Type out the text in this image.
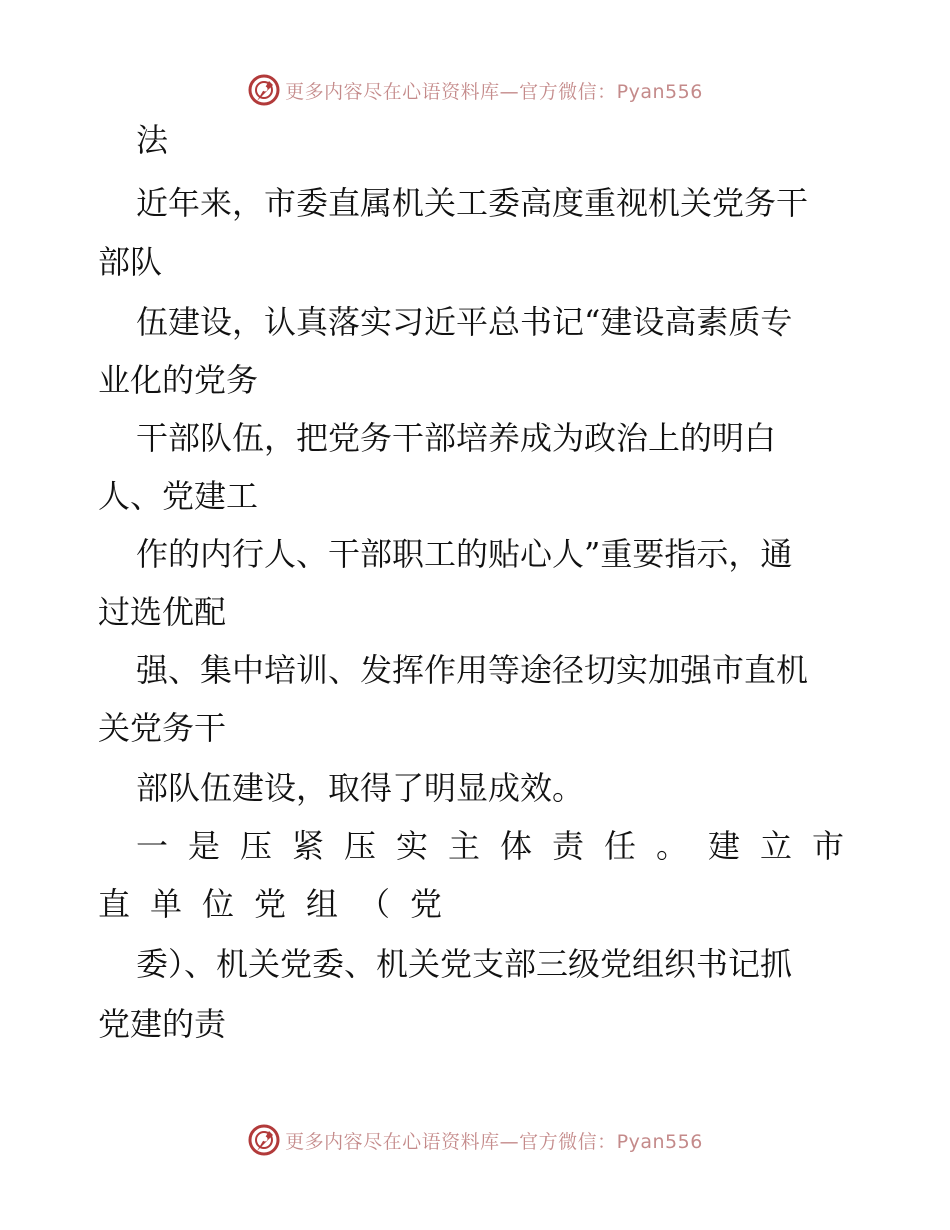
更多内容尽在心语资料库—官方微信：Pyan556
法
近年来，市委直属机关工委高度重视机关党务干
部队
伍建设，认真落实习近平总书记“建设高素质专
业化的党务
干部队伍，把党务干部培养成为政治上的明白
人、党建工
作的内行人、干部职工的贴心人”重要指示，通
过选优配
强、集中培训、发挥作用等途径切实加强市直机
关党务干
部队伍建设，取得了明显成效。
一是压紧压实主体责任。建立市
直单位党组（党
委）、机关党委、机关党支部三级党组织书记抓
党建的责
更多内容尽在心语资料库—官方微信：Pyan556
